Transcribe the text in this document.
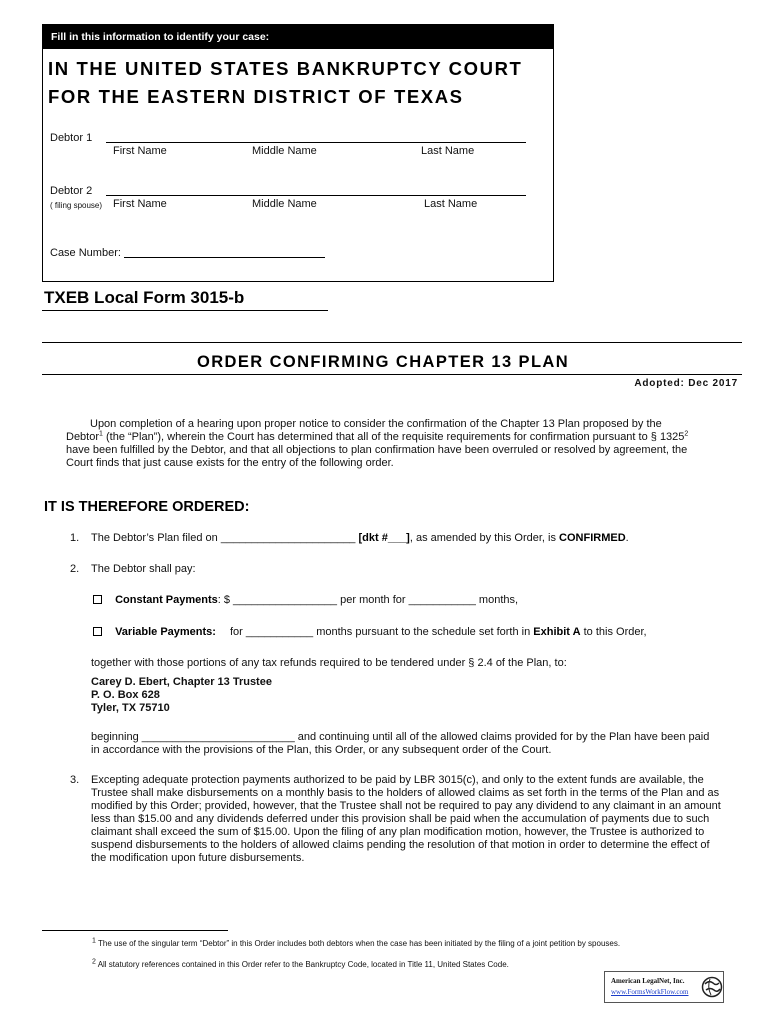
Fill in this information to identify your case:
IN THE UNITED STATES BANKRUPTCY COURT
FOR THE EASTERN DISTRICT OF TEXAS
Debtor 1
First Name	Middle Name	Last Name
Debtor 2
( filing spouse) First Name	Middle Name	Last Name
Case Number:
TXEB Local Form 3015-b
ORDER CONFIRMING CHAPTER 13 PLAN
Adopted: Dec 2017
Upon completion of a hearing upon proper notice to consider the confirmation of the Chapter 13 Plan proposed by the
Debtor$^1$ (the “Plan”), wherein the Court has determined that all of the requisite requirements for confirmation pursuant to § 1325$^2$
have been fulfilled by the Debtor, and that all objections to plan confirmation have been overruled or resolved by agreement, the
Court finds that just cause exists for the entry of the following order.
IT IS THEREFORE ORDERED:
1. The Debtor’s Plan filed on ______________________ [dkt #___], as amended by this Order, is CONFIRMED.
2. The Debtor shall pay:
Constant Payments: $ _________________ per month for ___________ months,
Variable Payments: for ___________ months pursuant to the schedule set forth in Exhibit A to this Order,
together with those portions of any tax refunds required to be tendered under § 2.4 of the Plan, to:
Carey D. Ebert, Chapter 13 Trustee
P. O. Box 628
Tyler, TX 75710
beginning _________________________ and continuing until all of the allowed claims provided for by the Plan have been paid
in accordance with the provisions of the Plan, this Order, or any subsequent order of the Court.
3. Excepting adequate protection payments authorized to be paid by LBR 3015(c), and only to the extent funds are available, the
Trustee shall make disbursements on a monthly basis to the holders of allowed claims as set forth in the terms of the Plan and as
modified by this Order; provided, however, that the Trustee shall not be required to pay any dividend to any claimant in an amount
less than $15.00 and any dividends deferred under this provision shall be paid when the accumulation of payments due to such
claimant shall exceed the sum of $15.00. Upon the filing of any plan modification motion, however, the Trustee is authorized to
suspend disbursements to the holders of allowed claims pending the resolution of that motion in order to determine the effect of
the modification upon future disbursements.
$^1$ The use of the singular term “Debtor” in this Order includes both debtors when the case has been initiated by the filing of a joint petition by spouses.
$^2$ All statutory references contained in this Order refer to the Bankruptcy Code, located in Title 11, United States Code.
American LegalNet, Inc.
www.FormsWorkFlow.com
